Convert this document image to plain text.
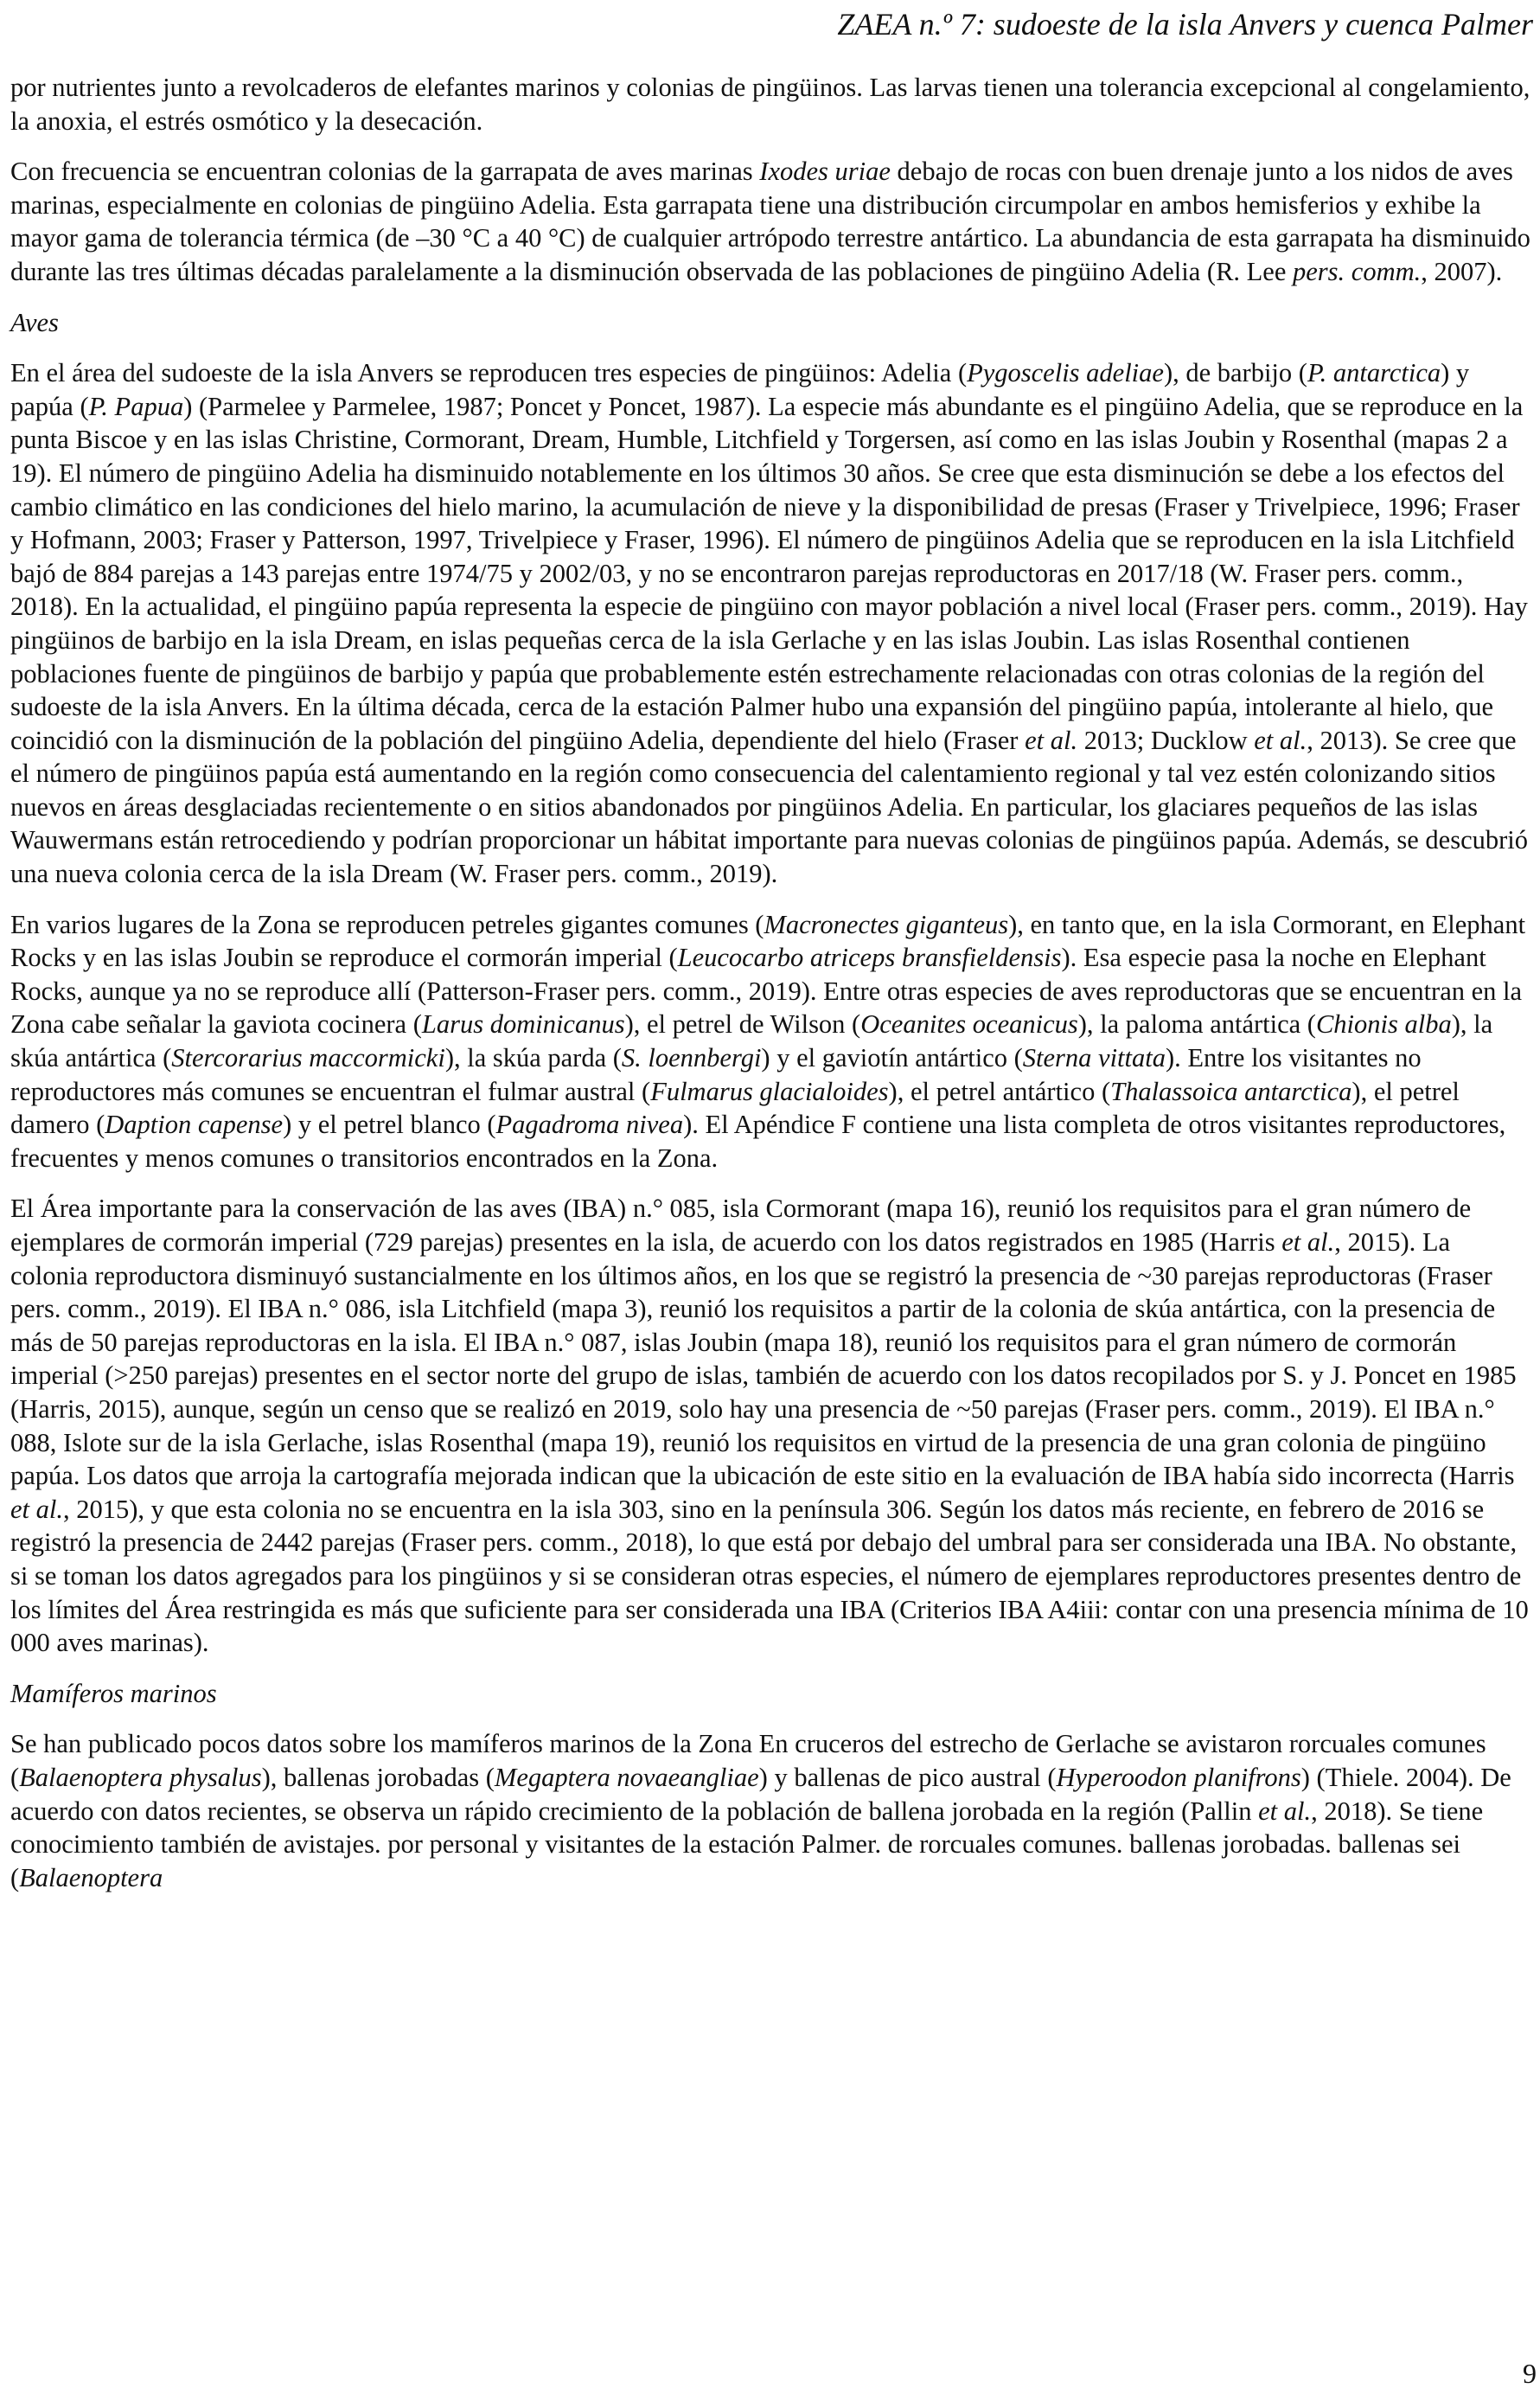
ZAEA n.º 7: sudoeste de la isla Anvers y cuenca Palmer

por nutrientes junto a revolcaderos de elefantes marinos y colonias de pingüinos. Las larvas tienen una tolerancia excepcional al congelamiento, la anoxia, el estrés osmótico y la desecación.

Con frecuencia se encuentran colonias de la garrapata de aves marinas Ixodes uriae debajo de rocas con buen drenaje junto a los nidos de aves marinas, especialmente en colonias de pingüino Adelia. Esta garrapata tiene una distribución circumpolar en ambos hemisferios y exhibe la mayor gama de tolerancia térmica (de –30 °C a 40 °C) de cualquier artrópodo terrestre antártico. La abundancia de esta garrapata ha disminuido durante las tres últimas décadas paralelamente a la disminución observada de las poblaciones de pingüino Adelia (R. Lee pers. comm., 2007).

Aves

En el área del sudoeste de la isla Anvers se reproducen tres especies de pingüinos: Adelia (Pygoscelis adeliae), de barbijo (P. antarctica) y papúa (P. Papua) (Parmelee y Parmelee, 1987; Poncet y Poncet, 1987). La especie más abundante es el pingüino Adelia, que se reproduce en la punta Biscoe y en las islas Christine, Cormorant, Dream, Humble, Litchfield y Torgersen, así como en las islas Joubin y Rosenthal (mapas 2 a 19). El número de pingüino Adelia ha disminuido notablemente en los últimos 30 años. Se cree que esta disminución se debe a los efectos del cambio climático en las condiciones del hielo marino, la acumulación de nieve y la disponibilidad de presas (Fraser y Trivelpiece, 1996; Fraser y Hofmann, 2003; Fraser y Patterson, 1997, Trivelpiece y Fraser, 1996). El número de pingüinos Adelia que se reproducen en la isla Litchfield bajó de 884 parejas a 143 parejas entre 1974/75 y 2002/03, y no se encontraron parejas reproductoras en 2017/18 (W. Fraser pers. comm., 2018). En la actualidad, el pingüino papúa representa la especie de pingüino con mayor población a nivel local (Fraser pers. comm., 2019). Hay pingüinos de barbijo en la isla Dream, en islas pequeñas cerca de la isla Gerlache y en las islas Joubin. Las islas Rosenthal contienen poblaciones fuente de pingüinos de barbijo y papúa que probablemente estén estrechamente relacionadas con otras colonias de la región del sudoeste de la isla Anvers. En la última década, cerca de la estación Palmer hubo una expansión del pingüino papúa, intolerante al hielo, que coincidió con la disminución de la población del pingüino Adelia, dependiente del hielo (Fraser et al. 2013; Ducklow et al., 2013). Se cree que el número de pingüinos papúa está aumentando en la región como consecuencia del calentamiento regional y tal vez estén colonizando sitios nuevos en áreas desglaciadas recientemente o en sitios abandonados por pingüinos Adelia. En particular, los glaciares pequeños de las islas Wauwermans están retrocediendo y podrían proporcionar un hábitat importante para nuevas colonias de pingüinos papúa. Además, se descubrió una nueva colonia cerca de la isla Dream (W. Fraser pers. comm., 2019).

En varios lugares de la Zona se reproducen petreles gigantes comunes (Macronectes giganteus), en tanto que, en la isla Cormorant, en Elephant Rocks y en las islas Joubin se reproduce el cormorán imperial (Leucocarbo atriceps bransfieldensis). Esa especie pasa la noche en Elephant Rocks, aunque ya no se reproduce allí (Patterson-Fraser pers. comm., 2019). Entre otras especies de aves reproductoras que se encuentran en la Zona cabe señalar la gaviota cocinera (Larus dominicanus), el petrel de Wilson (Oceanites oceanicus), la paloma antártica (Chionis alba), la skúa antártica (Stercorarius maccormicki), la skúa parda (S. loennbergi) y el gaviotín antártico (Sterna vittata). Entre los visitantes no reproductores más comunes se encuentran el fulmar austral (Fulmarus glacialoides), el petrel antártico (Thalassoica antarctica), el petrel damero (Daption capense) y el petrel blanco (Pagadroma nivea). El Apéndice F contiene una lista completa de otros visitantes reproductores, frecuentes y menos comunes o transitorios encontrados en la Zona.

El Área importante para la conservación de las aves (IBA) n.° 085, isla Cormorant (mapa 16), reunió los requisitos para el gran número de ejemplares de cormorán imperial (729 parejas) presentes en la isla, de acuerdo con los datos registrados en 1985 (Harris et al., 2015). La colonia reproductora disminuyó sustancialmente en los últimos años, en los que se registró la presencia de ~30 parejas reproductoras (Fraser pers. comm., 2019). El IBA n.° 086, isla Litchfield (mapa 3), reunió los requisitos a partir de la colonia de skúa antártica, con la presencia de más de 50 parejas reproductoras en la isla. El IBA n.° 087, islas Joubin (mapa 18), reunió los requisitos para el gran número de cormorán imperial (>250 parejas) presentes en el sector norte del grupo de islas, también de acuerdo con los datos recopilados por S. y J. Poncet en 1985 (Harris, 2015), aunque, según un censo que se realizó en 2019, solo hay una presencia de ~50 parejas (Fraser pers. comm., 2019). El IBA n.° 088, Islote sur de la isla Gerlache, islas Rosenthal (mapa 19), reunió los requisitos en virtud de la presencia de una gran colonia de pingüino papúa. Los datos que arroja la cartografía mejorada indican que la ubicación de este sitio en la evaluación de IBA había sido incorrecta (Harris et al., 2015), y que esta colonia no se encuentra en la isla 303, sino en la península 306. Según los datos más reciente, en febrero de 2016 se registró la presencia de 2442 parejas (Fraser pers. comm., 2018), lo que está por debajo del umbral para ser considerada una IBA. No obstante, si se toman los datos agregados para los pingüinos y si se consideran otras especies, el número de ejemplares reproductores presentes dentro de los límites del Área restringida es más que suficiente para ser considerada una IBA (Criterios IBA A4iii: contar con una presencia mínima de 10 000 aves marinas).

Mamíferos marinos

Se han publicado pocos datos sobre los mamíferos marinos de la Zona En cruceros del estrecho de Gerlache se avistaron rorcuales comunes (Balaenoptera physalus), ballenas jorobadas (Megaptera novaeangliae) y ballenas de pico austral (Hyperoodon planifrons) (Thiele. 2004). De acuerdo con datos recientes, se observa un rápido crecimiento de la población de ballena jorobada en la región (Pallin et al., 2018). Se tiene conocimiento también de avistajes. por personal y visitantes de la estación Palmer. de rorcuales comunes. ballenas jorobadas. ballenas sei (Balaenoptera

9
